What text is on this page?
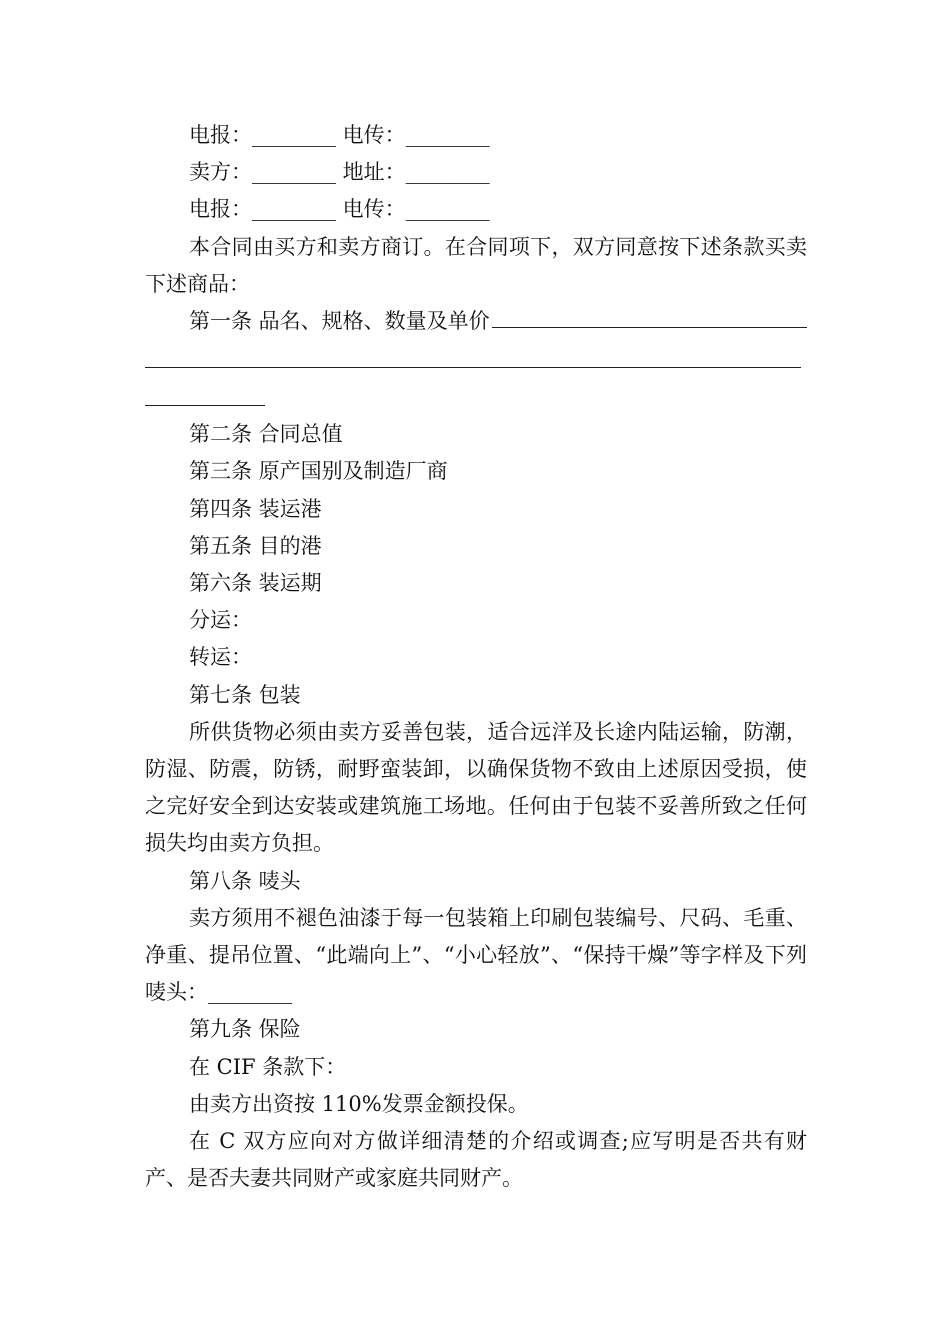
电报：________ 电传：________

卖方：________ 地址：________

电报：________ 电传：________

本合同由买方和卖方商订。在合同项下，双方同意按下述条款买卖下述商品：

第一条 品名、规格、数量及单价

第二条 合同总值

第三条 原产国别及制造厂商

第四条 装运港

第五条 目的港

第六条 装运期

分运：

转运：

第七条 包装

所供货物必须由卖方妥善包装，适合远洋及长途内陆运输，防潮，防湿、防震，防锈，耐野蛮装卸，以确保货物不致由上述原因受损，使之完好安全到达安装或建筑施工场地。任何由于包装不妥善所致之任何损失均由卖方负担。

第八条 唛头

卖方须用不褪色油漆于每一包装箱上印刷包装编号、尺码、毛重、净重、提吊位置、“此端向上”、“小心轻放”、“保持干燥”等字样及下列唛头：________

第九条 保险

在 CIF 条款下：

由卖方出资按 110%发票金额投保。

在 C 双方应向对方做详细清楚的介绍或调查;应写明是否共有财产、是否夫妻共同财产或家庭共同财产。
